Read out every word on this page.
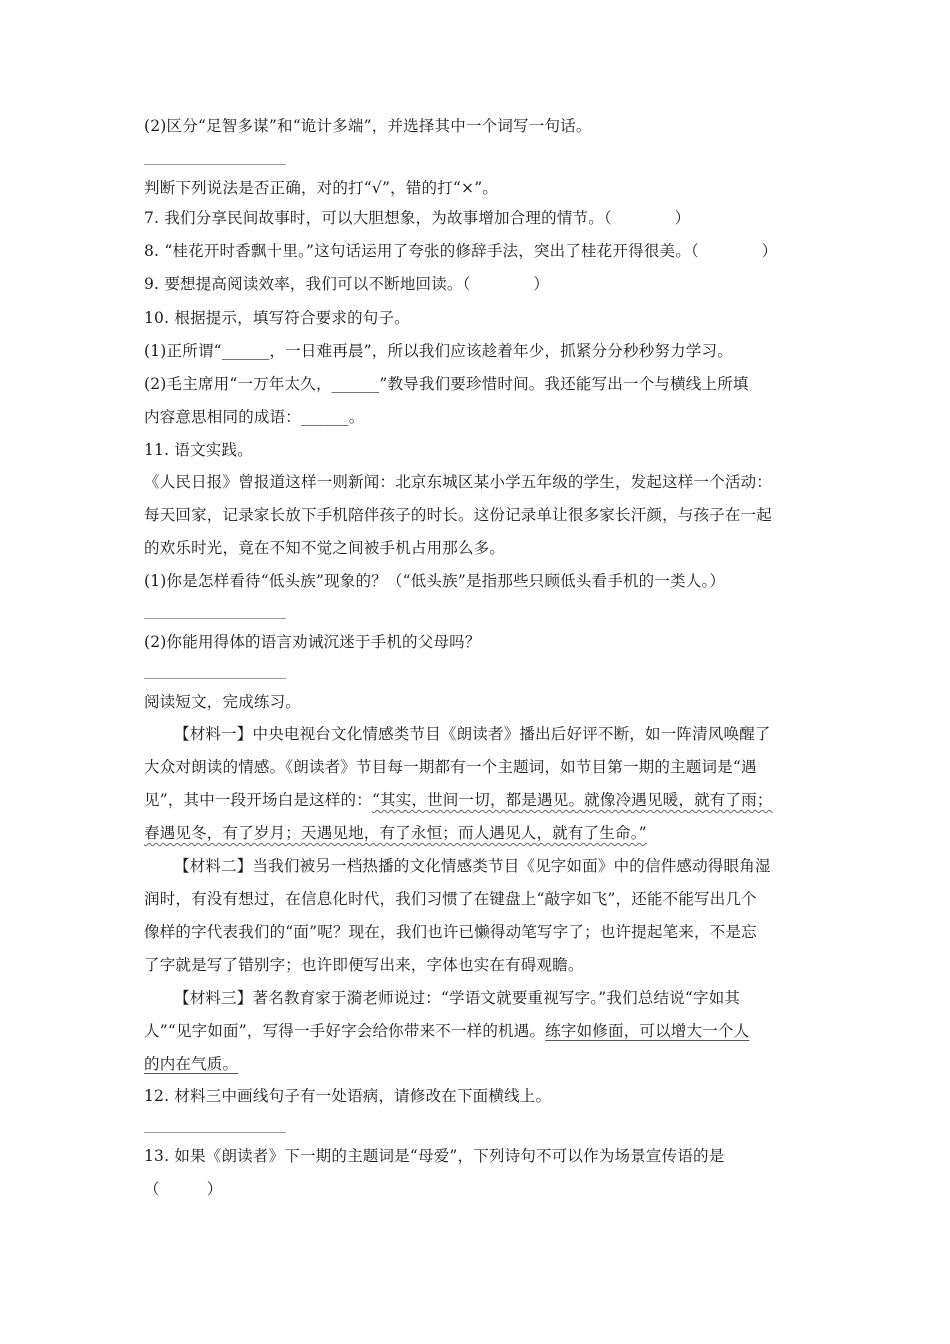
(2)区分“足智多谋”和“诡计多端”，并选择其中一个词写一句话。
判断下列说法是否正确，对的打“√”，错的打“×”。
7. 我们分享民间故事时，可以大胆想象，为故事增加合理的情节。（　　　　）
8. “桂花开时香飘十里。”这句话运用了夸张的修辞手法，突出了桂花开得很美。（　　　　）
9. 要想提高阅读效率，我们可以不断地回读。（　　　　）
10. 根据提示，填写符合要求的句子。
(1)正所谓“______，一日难再晨”，所以我们应该趁着年少，抓紧分分秒秒努力学习。
(2)毛主席用“一万年太久，______”教导我们要珍惜时间。我还能写出一个与横线上所填
内容意思相同的成语：______。
11. 语文实践。
《人民日报》曾报道这样一则新闻：北京东城区某小学五年级的学生，发起这样一个活动：
每天回家，记录家长放下手机陪伴孩子的时长。这份记录单让很多家长汗颜，与孩子在一起
的欢乐时光，竟在不知不觉之间被手机占用那么多。
(1)你是怎样看待“低头族”现象的？（“低头族”是指那些只顾低头看手机的一类人。）
(2)你能用得体的语言劝诫沉迷于手机的父母吗？
阅读短文，完成练习。
【材料一】中央电视台文化情感类节目《朗读者》播出后好评不断，如一阵清风唤醒了
大众对朗读的情感。《朗读者》节目每一期都有一个主题词，如节目第一期的主题词是“遇
见”，其中一段开场白是这样的：“其实，世间一切，都是遇见。就像冷遇见暖，就有了雨；
春遇见冬，有了岁月；天遇见地，有了永恒；而人遇见人，就有了生命。”
【材料二】当我们被另一档热播的文化情感类节目《见字如面》中的信件感动得眼角湿
润时，有没有想过，在信息化时代，我们习惯了在键盘上“敲字如飞”，还能不能写出几个
像样的字代表我们的“面”呢？现在，我们也许已懒得动笔写字了；也许提起笔来，不是忘
了字就是写了错别字；也许即便写出来，字体也实在有碍观瞻。
【材料三】著名教育家于漪老师说过：“学语文就要重视写字。”我们总结说“字如其
人”“见字如面”，写得一手好字会给你带来不一样的机遇。练字如修面，可以增大一个人
的内在气质。
12. 材料三中画线句子有一处语病，请修改在下面横线上。
13. 如果《朗读者》下一期的主题词是“母爱”，下列诗句不可以作为场景宣传语的是
（　　　）
